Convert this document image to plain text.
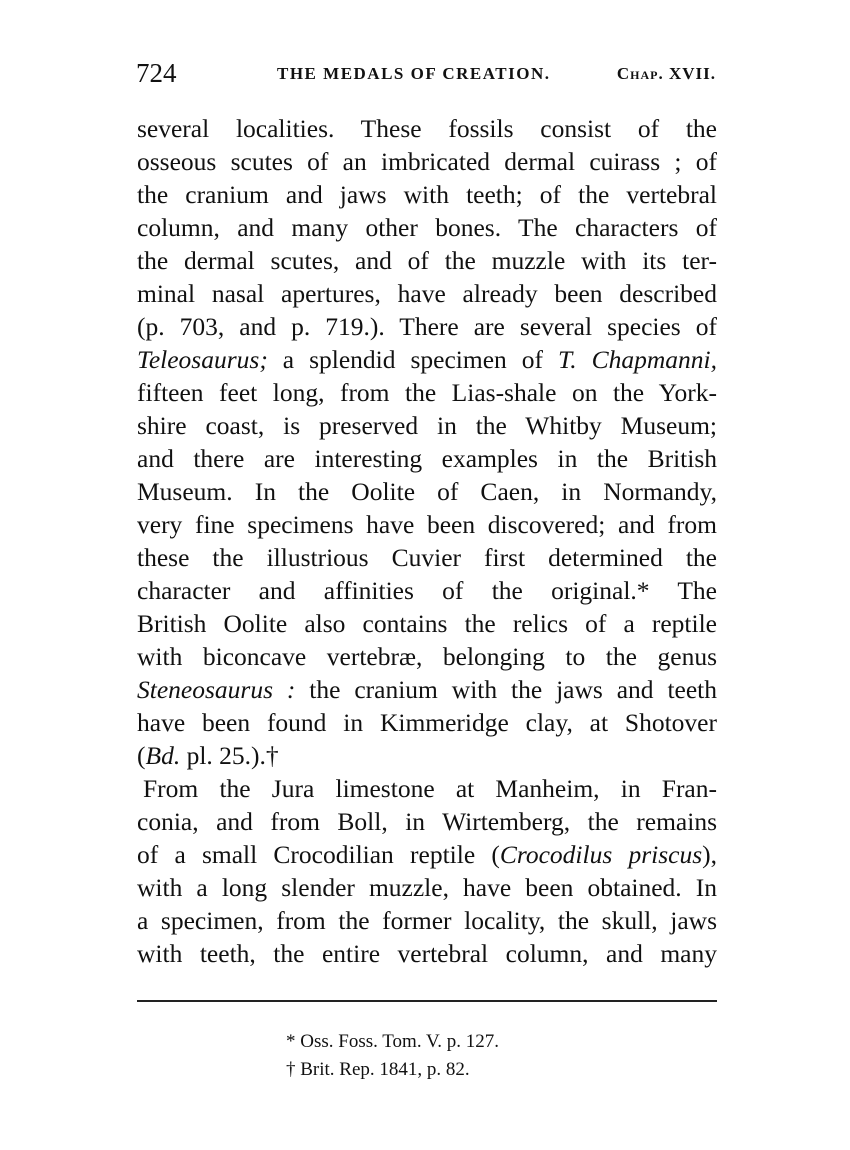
724	THE MEDALS OF CREATION.	Chap. XVII.
several localities. These fossils consist of the
osseous scutes of an imbricated dermal cuirass ; of
the cranium and jaws with teeth; of the vertebral
column, and many other bones. The characters of
the dermal scutes, and of the muzzle with its ter-
minal nasal apertures, have already been described
(p. 703, and p. 719.). There are several species of
Teleosaurus; a splendid specimen of T. Chapmanni,
fifteen feet long, from the Lias-shale on the York-
shire coast, is preserved in the Whitby Museum;
and there are interesting examples in the British
Museum. In the Oolite of Caen, in Normandy,
very fine specimens have been discovered; and from
these the illustrious Cuvier first determined the
character and affinities of the original.* The
British Oolite also contains the relics of a reptile
with biconcave vertebræ, belonging to the genus
Steneosaurus : the cranium with the jaws and teeth
have been found in Kimmeridge clay, at Shotover
(Bd. pl. 25.).†
From the Jura limestone at Manheim, in Fran-
conia, and from Boll, in Wirtemberg, the remains
of a small Crocodilian reptile (Crocodilus priscus),
with a long slender muzzle, have been obtained. In
a specimen, from the former locality, the skull, jaws
with teeth, the entire vertebral column, and many
* Oss. Foss. Tom. V. p. 127.
† Brit. Rep. 1841, p. 82.
